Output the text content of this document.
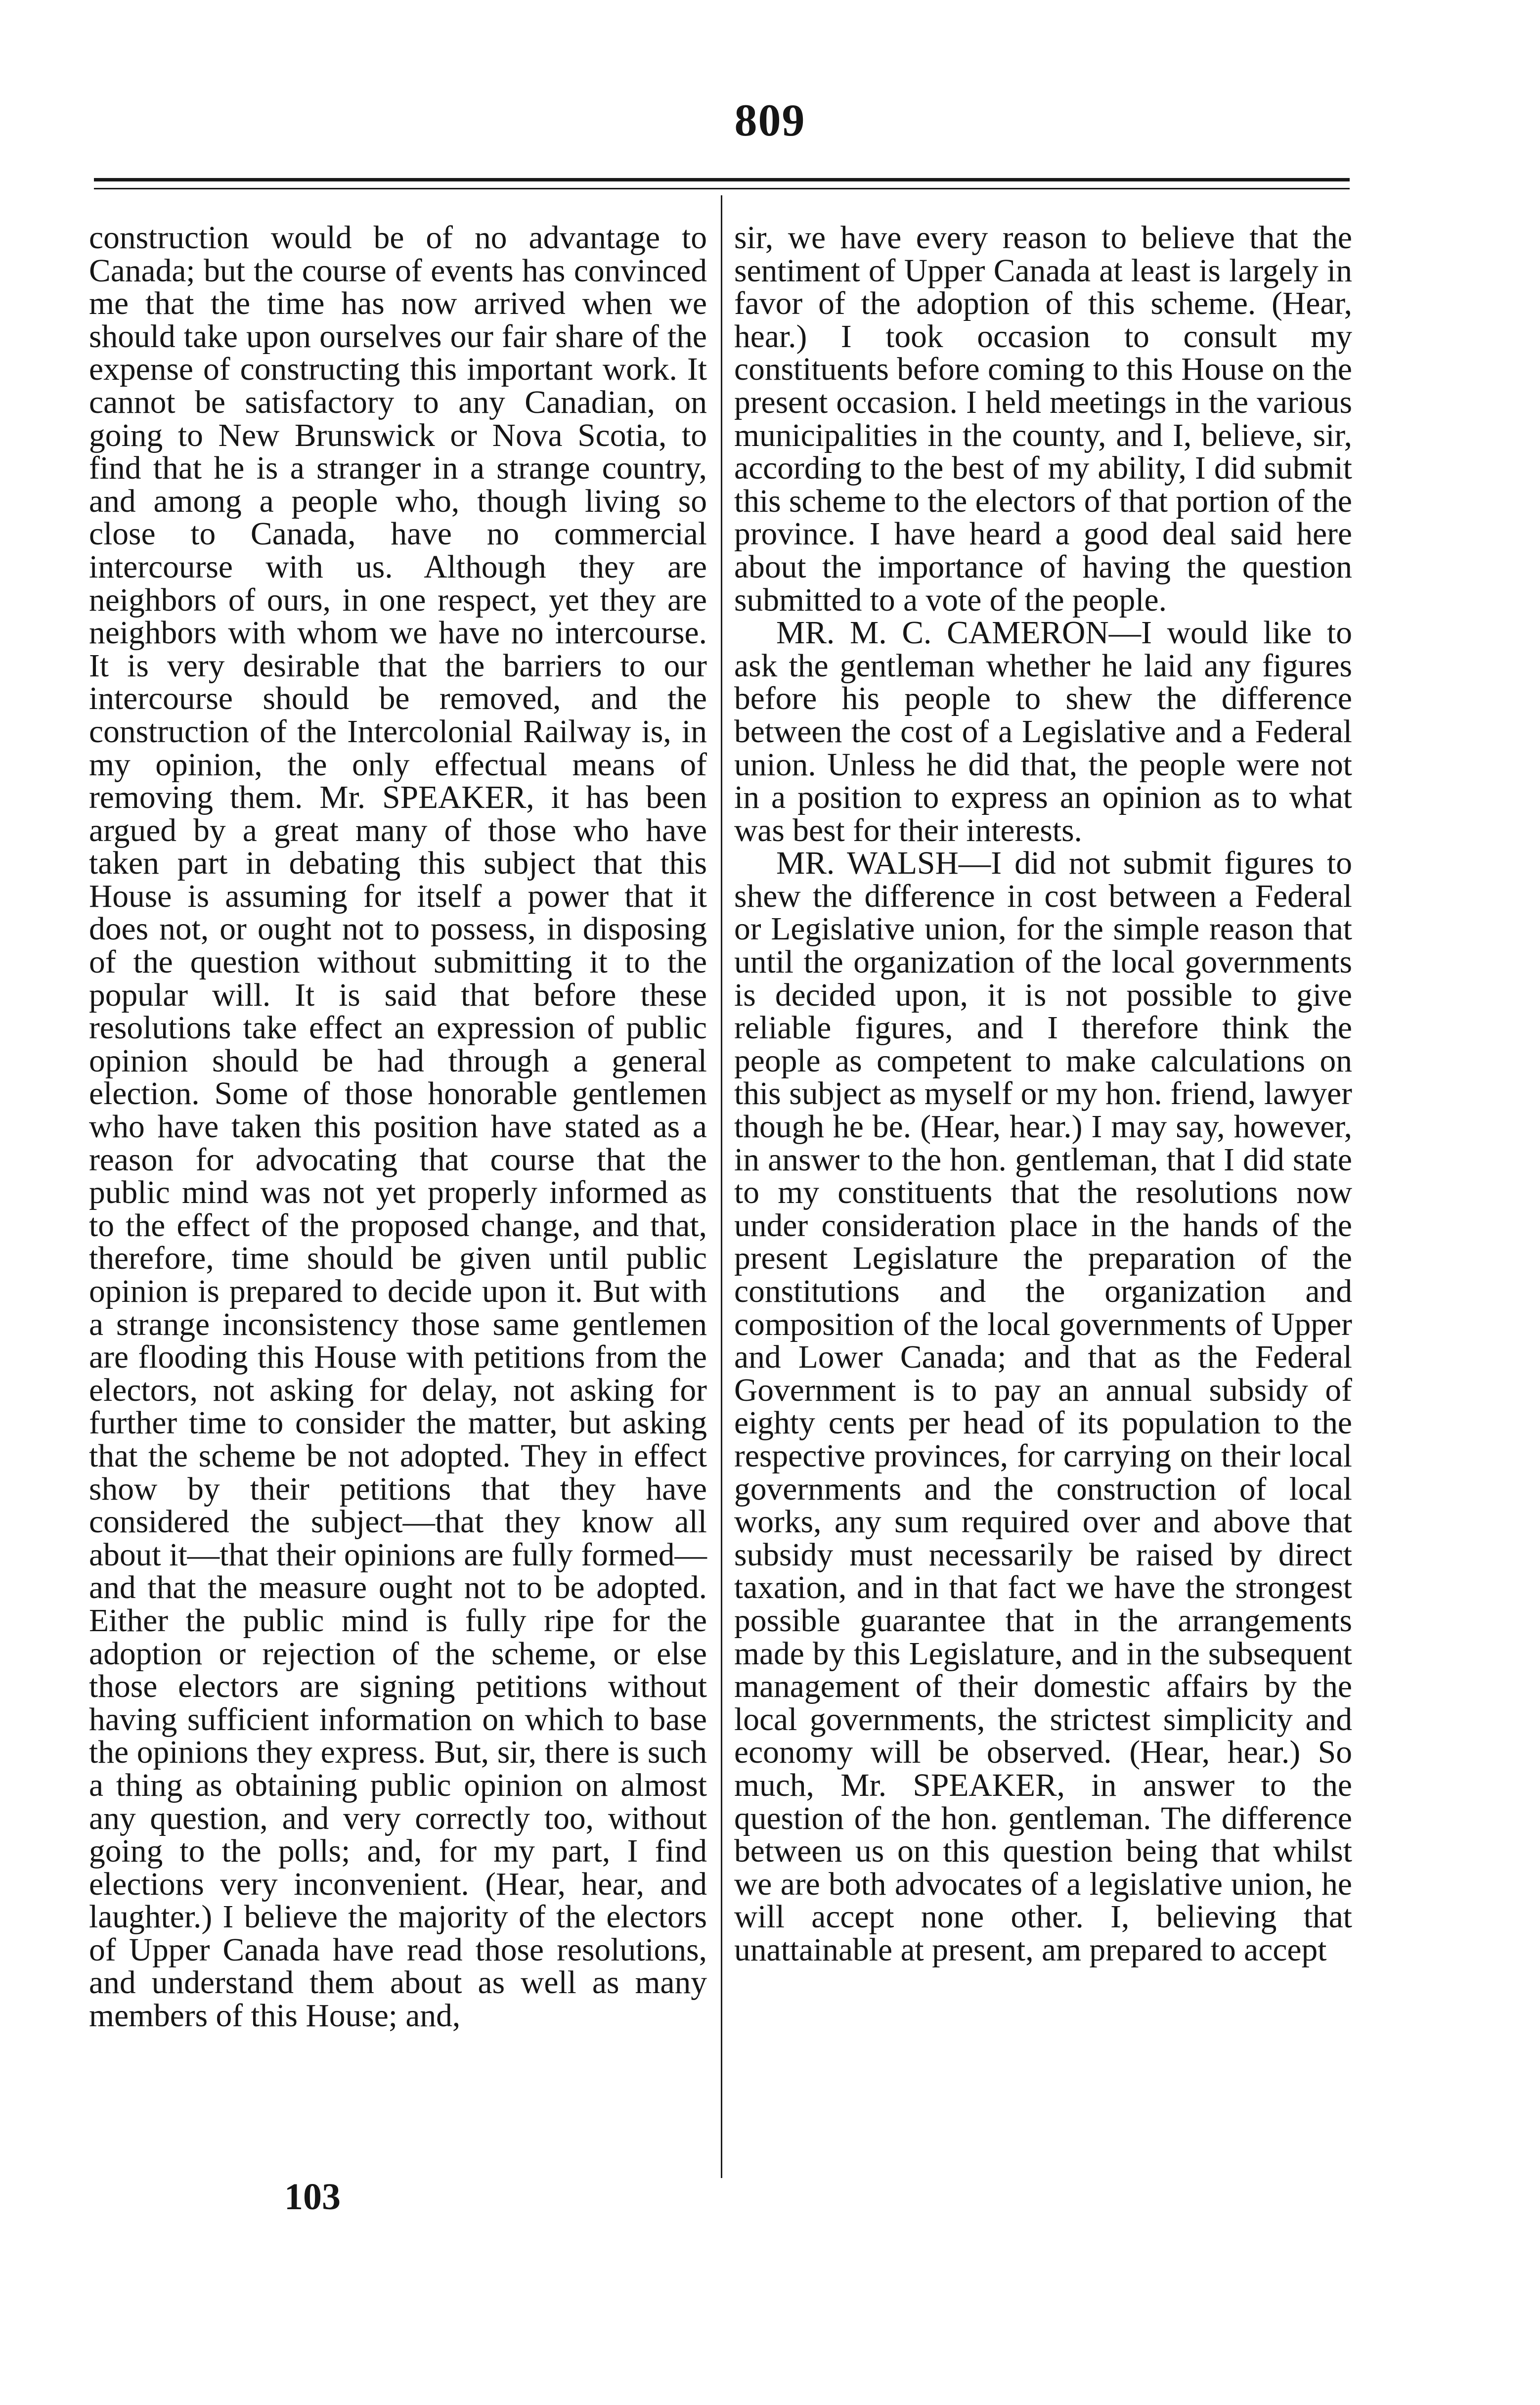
809

construction would be of no advantage to Canada; but the course of events has convinced me that the time has now arrived when we should take upon ourselves our fair share of the expense of constructing this important work. It cannot be satisfactory to any Canadian, on going to New Brunswick or Nova Scotia, to find that he is a stranger in a strange country, and among a people who, though living so close to Canada, have no commercial intercourse with us. Although they are neighbors of ours, in one respect, yet they are neighbors with whom we have no intercourse. It is very desirable that the barriers to our intercourse should be removed, and the construction of the Intercolonial Railway is, in my opinion, the only effectual means of removing them. Mr. SPEAKER, it has been argued by a great many of those who have taken part in debating this subject that this House is assuming for itself a power that it does not, or ought not to possess, in disposing of the question without submitting it to the popular will. It is said that before these resolutions take effect an expression of public opinion should be had through a general election. Some of those honorable gentlemen who have taken this position have stated as a reason for advocating that course that the public mind was not yet properly informed as to the effect of the proposed change, and that, therefore, time should be given until public opinion is prepared to decide upon it. But with a strange inconsistency those same gentlemen are flooding this House with petitions from the electors, not asking for delay, not asking for further time to consider the matter, but asking that the scheme be not adopted. They in effect show by their petitions that they have considered the subject—that they know all about it—that their opinions are fully formed—and that the measure ought not to be adopted. Either the public mind is fully ripe for the adoption or rejection of the scheme, or else those electors are signing petitions without having sufficient information on which to base the opinions they express. But, sir, there is such a thing as obtaining public opinion on almost any question, and very correctly too, without going to the polls; and, for my part, I find elections very inconvenient. (Hear, hear, and laughter.) I believe the majority of the electors of Upper Canada have read those resolutions, and understand them about as well as many members of this House; and,

sir, we have every reason to believe that the sentiment of Upper Canada at least is largely in favor of the adoption of this scheme. (Hear, hear.) I took occasion to consult my constituents before coming to this House on the present occasion. I held meetings in the various municipalities in the county, and I, believe, sir, according to the best of my ability, I did submit this scheme to the electors of that portion of the province. I have heard a good deal said here about the importance of having the question submitted to a vote of the people.

MR. M. C. CAMERON—I would like to ask the gentleman whether he laid any figures before his people to shew the difference between the cost of a Legislative and a Federal union. Unless he did that, the people were not in a position to express an opinion as to what was best for their interests.

MR. WALSH—I did not submit figures to shew the difference in cost between a Federal or Legislative union, for the simple reason that until the organization of the local governments is decided upon, it is not possible to give reliable figures, and I therefore think the people as competent to make calculations on this subject as myself or my hon. friend, lawyer though he be. (Hear, hear.) I may say, however, in answer to the hon. gentleman, that I did state to my constituents that the resolutions now under consideration place in the hands of the present Legislature the preparation of the constitutions and the organization and composition of the local governments of Upper and Lower Canada; and that as the Federal Government is to pay an annual subsidy of eighty cents per head of its population to the respective provinces, for carrying on their local governments and the construction of local works, any sum required over and above that subsidy must necessarily be raised by direct taxation, and in that fact we have the strongest possible guarantee that in the arrangements made by this Legislature, and in the subsequent management of their domestic affairs by the local governments, the strictest simplicity and economy will be observed. (Hear, hear.) So much, Mr. SPEAKER, in answer to the question of the hon. gentleman. The difference between us on this question being that whilst we are both advocates of a legislative union, he will accept none other. I, believing that unattainable at present, am prepared to accept

103
